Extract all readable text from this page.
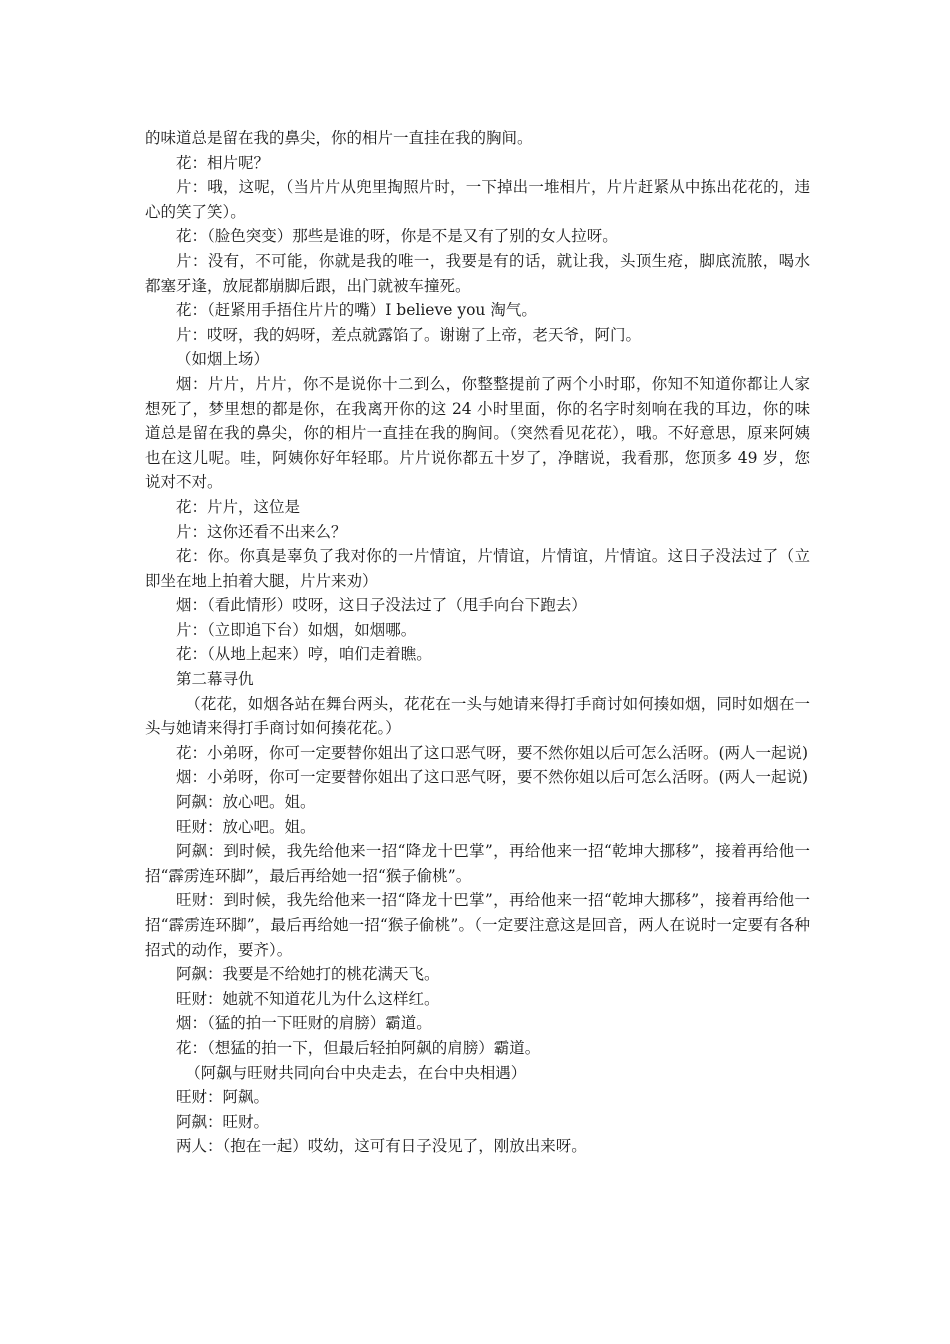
的味道总是留在我的鼻尖，你的相片一直挂在我的胸间。

花：相片呢？

片：哦，这呢，（当片片从兜里掏照片时，一下掉出一堆相片，片片赶紧从中拣出花花的，违心的笑了笑）。

花：（脸色突变）那些是谁的呀，你是不是又有了别的女人拉呀。

片：没有，不可能，你就是我的唯一，我要是有的话，就让我，头顶生疮，脚底流脓，喝水都塞牙逢，放屁都崩脚后跟，出门就被车撞死。

花：（赶紧用手捂住片片的嘴）I believe you 淘气。

片：哎呀，我的妈呀，差点就露馅了。谢谢了上帝，老天爷，阿门。

（如烟上场）

烟：片片，片片，你不是说你十二到么，你整整提前了两个小时耶，你知不知道你都让人家想死了，梦里想的都是你，在我离开你的这 24 小时里面，你的名字时刻响在我的耳边，你的味道总是留在我的鼻尖，你的相片一直挂在我的胸间。（突然看见花花），哦。不好意思，原来阿姨也在这儿呢。哇，阿姨你好年轻耶。片片说你都五十岁了，净瞎说，我看那，您顶多 49 岁，您说对不对。

花：片片，这位是

片：这你还看不出来么？

花：你。你真是辜负了我对你的一片情谊，片情谊，片情谊，片情谊。这日子没法过了（立即坐在地上拍着大腿，片片来劝）

烟：（看此情形）哎呀，这日子没法过了（甩手向台下跑去）

片：（立即追下台）如烟，如烟哪。

花：（从地上起来）哼，咱们走着瞧。

第二幕寻仇

（花花，如烟各站在舞台两头，花花在一头与她请来得打手商讨如何揍如烟，同时如烟在一头与她请来得打手商讨如何揍花花。）

花：小弟呀，你可一定要替你姐出了这口恶气呀，要不然你姐以后可怎么活呀。(两人一起说)

烟：小弟呀，你可一定要替你姐出了这口恶气呀，要不然你姐以后可怎么活呀。(两人一起说)

阿飙：放心吧。姐。

旺财：放心吧。姐。

阿飙：到时候，我先给他来一招“降龙十巴掌”，再给他来一招“乾坤大挪移”，接着再给他一招“霹雳连环脚”，最后再给她一招“猴子偷桃”。

旺财：到时候，我先给他来一招“降龙十巴掌”，再给他来一招“乾坤大挪移”，接着再给他一招“霹雳连环脚”，最后再给她一招“猴子偷桃”。（一定要注意这是回音，两人在说时一定要有各种招式的动作，要齐）。

阿飙：我要是不给她打的桃花满天飞。

旺财：她就不知道花儿为什么这样红。

烟：（猛的拍一下旺财的肩膀）霸道。

花：（想猛的拍一下，但最后轻拍阿飙的肩膀）霸道。

（阿飙与旺财共同向台中央走去，在台中央相遇）

旺财：阿飙。

阿飙：旺财。

两人：（抱在一起）哎幼，这可有日子没见了，刚放出来呀。
